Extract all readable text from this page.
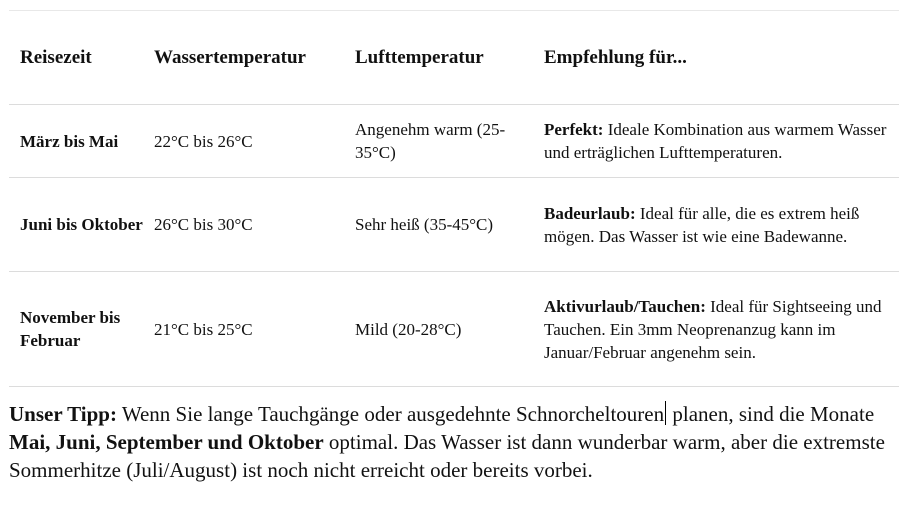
Reisezeit	Wassertemperatur	Lufttemperatur	Empfehlung für...
März bis Mai	22°C bis 26°C	Angenehm warm (25-35°C)	Perfekt: Ideale Kombination aus warmem Wasser und erträglichen Lufttemperaturen.
Juni bis Oktober	26°C bis 30°C	Sehr heiß (35-45°C)	Badeurlaub: Ideal für alle, die es extrem heiß mögen. Das Wasser ist wie eine Badewanne.
November bis Februar	21°C bis 25°C	Mild (20-28°C)	Aktivurlaub/Tauchen: Ideal für Sightseeing und Tauchen. Ein 3mm Neoprenanzug kann im Januar/Februar angenehm sein.

Unser Tipp: Wenn Sie lange Tauchgänge oder ausgedehnte Schnorcheltouren planen, sind die Monate Mai, Juni, September und Oktober optimal. Das Wasser ist dann wunderbar warm, aber die extremste Sommerhitze (Juli/August) ist noch nicht erreicht oder bereits vorbei.
